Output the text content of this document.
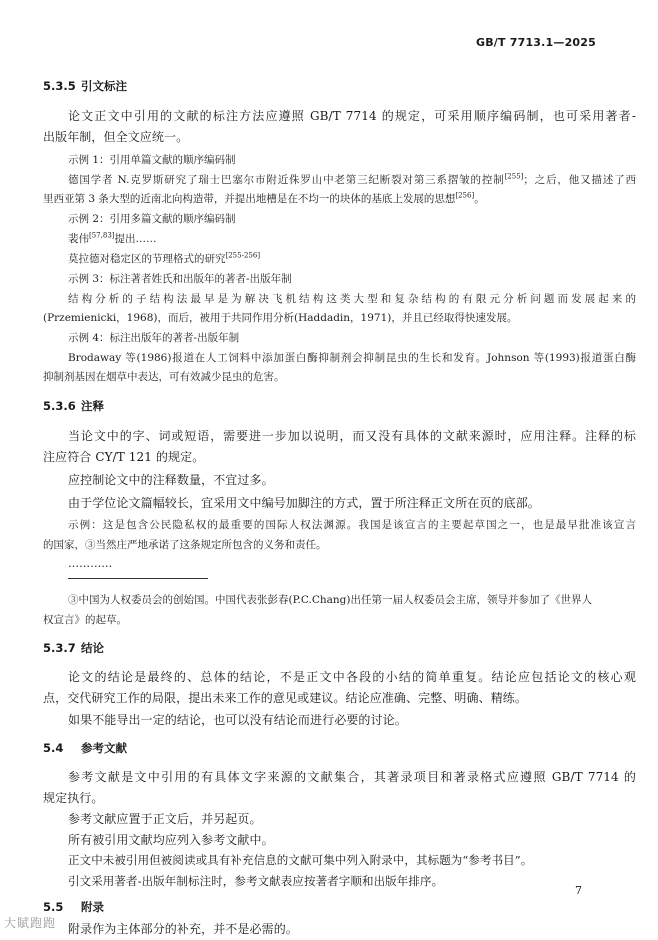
GB/T 7713.1—2025
5.3.5 引文标注
论文正文中引用的文献的标注方法应遵照 GB/T 7714 的规定，可采用顺序编码制，也可采用著者-
出版年制，但全文应统一。
示例 1：引用单篇文献的顺序编码制
德国学者 N.克罗斯研究了瑞士巴塞尔市附近侏罗山中老第三纪断裂对第三系摺皱的控制[255]；之后，他又描述了西
里西亚第 3 条大型的近南北向构造带，并提出地槽是在不均一的块体的基底上发展的思想[256]。
示例 2：引用多篇文献的顺序编码制
裴伟[57,83]提出……
莫拉德对稳定区的节理格式的研究[255-256]
示例 3：标注著者姓氏和出版年的著者-出版年制
结构分析的子结构法最早是为解决飞机结构这类大型和复杂结构的有限元分析问题而发展起来的
(Przemienicki，1968)，而后，被用于共同作用分析(Haddadin，1971)，并且已经取得快速发展。
示例 4：标注出版年的著者-出版年制
Brodaway 等(1986)报道在人工饲料中添加蛋白酶抑制剂会抑制昆虫的生长和发育。Johnson 等(1993)报道蛋白酶
抑制剂基因在烟草中表达，可有效减少昆虫的危害。
5.3.6 注释
当论文中的字、词或短语，需要进一步加以说明，而又没有具体的文献来源时，应用注释。注释的标
注应符合 CY/T 121 的规定。
应控制论文中的注释数量，不宜过多。
由于学位论文篇幅较长，宜采用文中编号加脚注的方式，置于所注释正文所在页的底部。
示例：这是包含公民隐私权的最重要的国际人权法渊源。我国是该宣言的主要起草国之一，也是最早批准该宣言
的国家，③当然庄严地承诺了这条规定所包含的义务和责任。
…………
③中国为人权委员会的创始国。中国代表张彭春(P.C.Chang)出任第一届人权委员会主席，领导并参加了《世界人
权宣言》的起草。
5.3.7 结论
论文的结论是最终的、总体的结论，不是正文中各段的小结的简单重复。结论应包括论文的核心观
点，交代研究工作的局限，提出未来工作的意见或建议。结论应准确、完整、明确、精练。
如果不能导出一定的结论，也可以没有结论而进行必要的讨论。
5.4 参考文献
参考文献是文中引用的有具体文字来源的文献集合，其著录项目和著录格式应遵照 GB/T 7714 的
规定执行。
参考文献应置于正文后，并另起页。
所有被引用文献均应列入参考文献中。
正文中未被引用但被阅读或具有补充信息的文献可集中列入附录中，其标题为“参考书目”。
引文采用著者-出版年制标注时，参考文献表应按著者字顺和出版年排序。
5.5 附录
附录作为主体部分的补充，并不是必需的。
7
大賦跑跑
